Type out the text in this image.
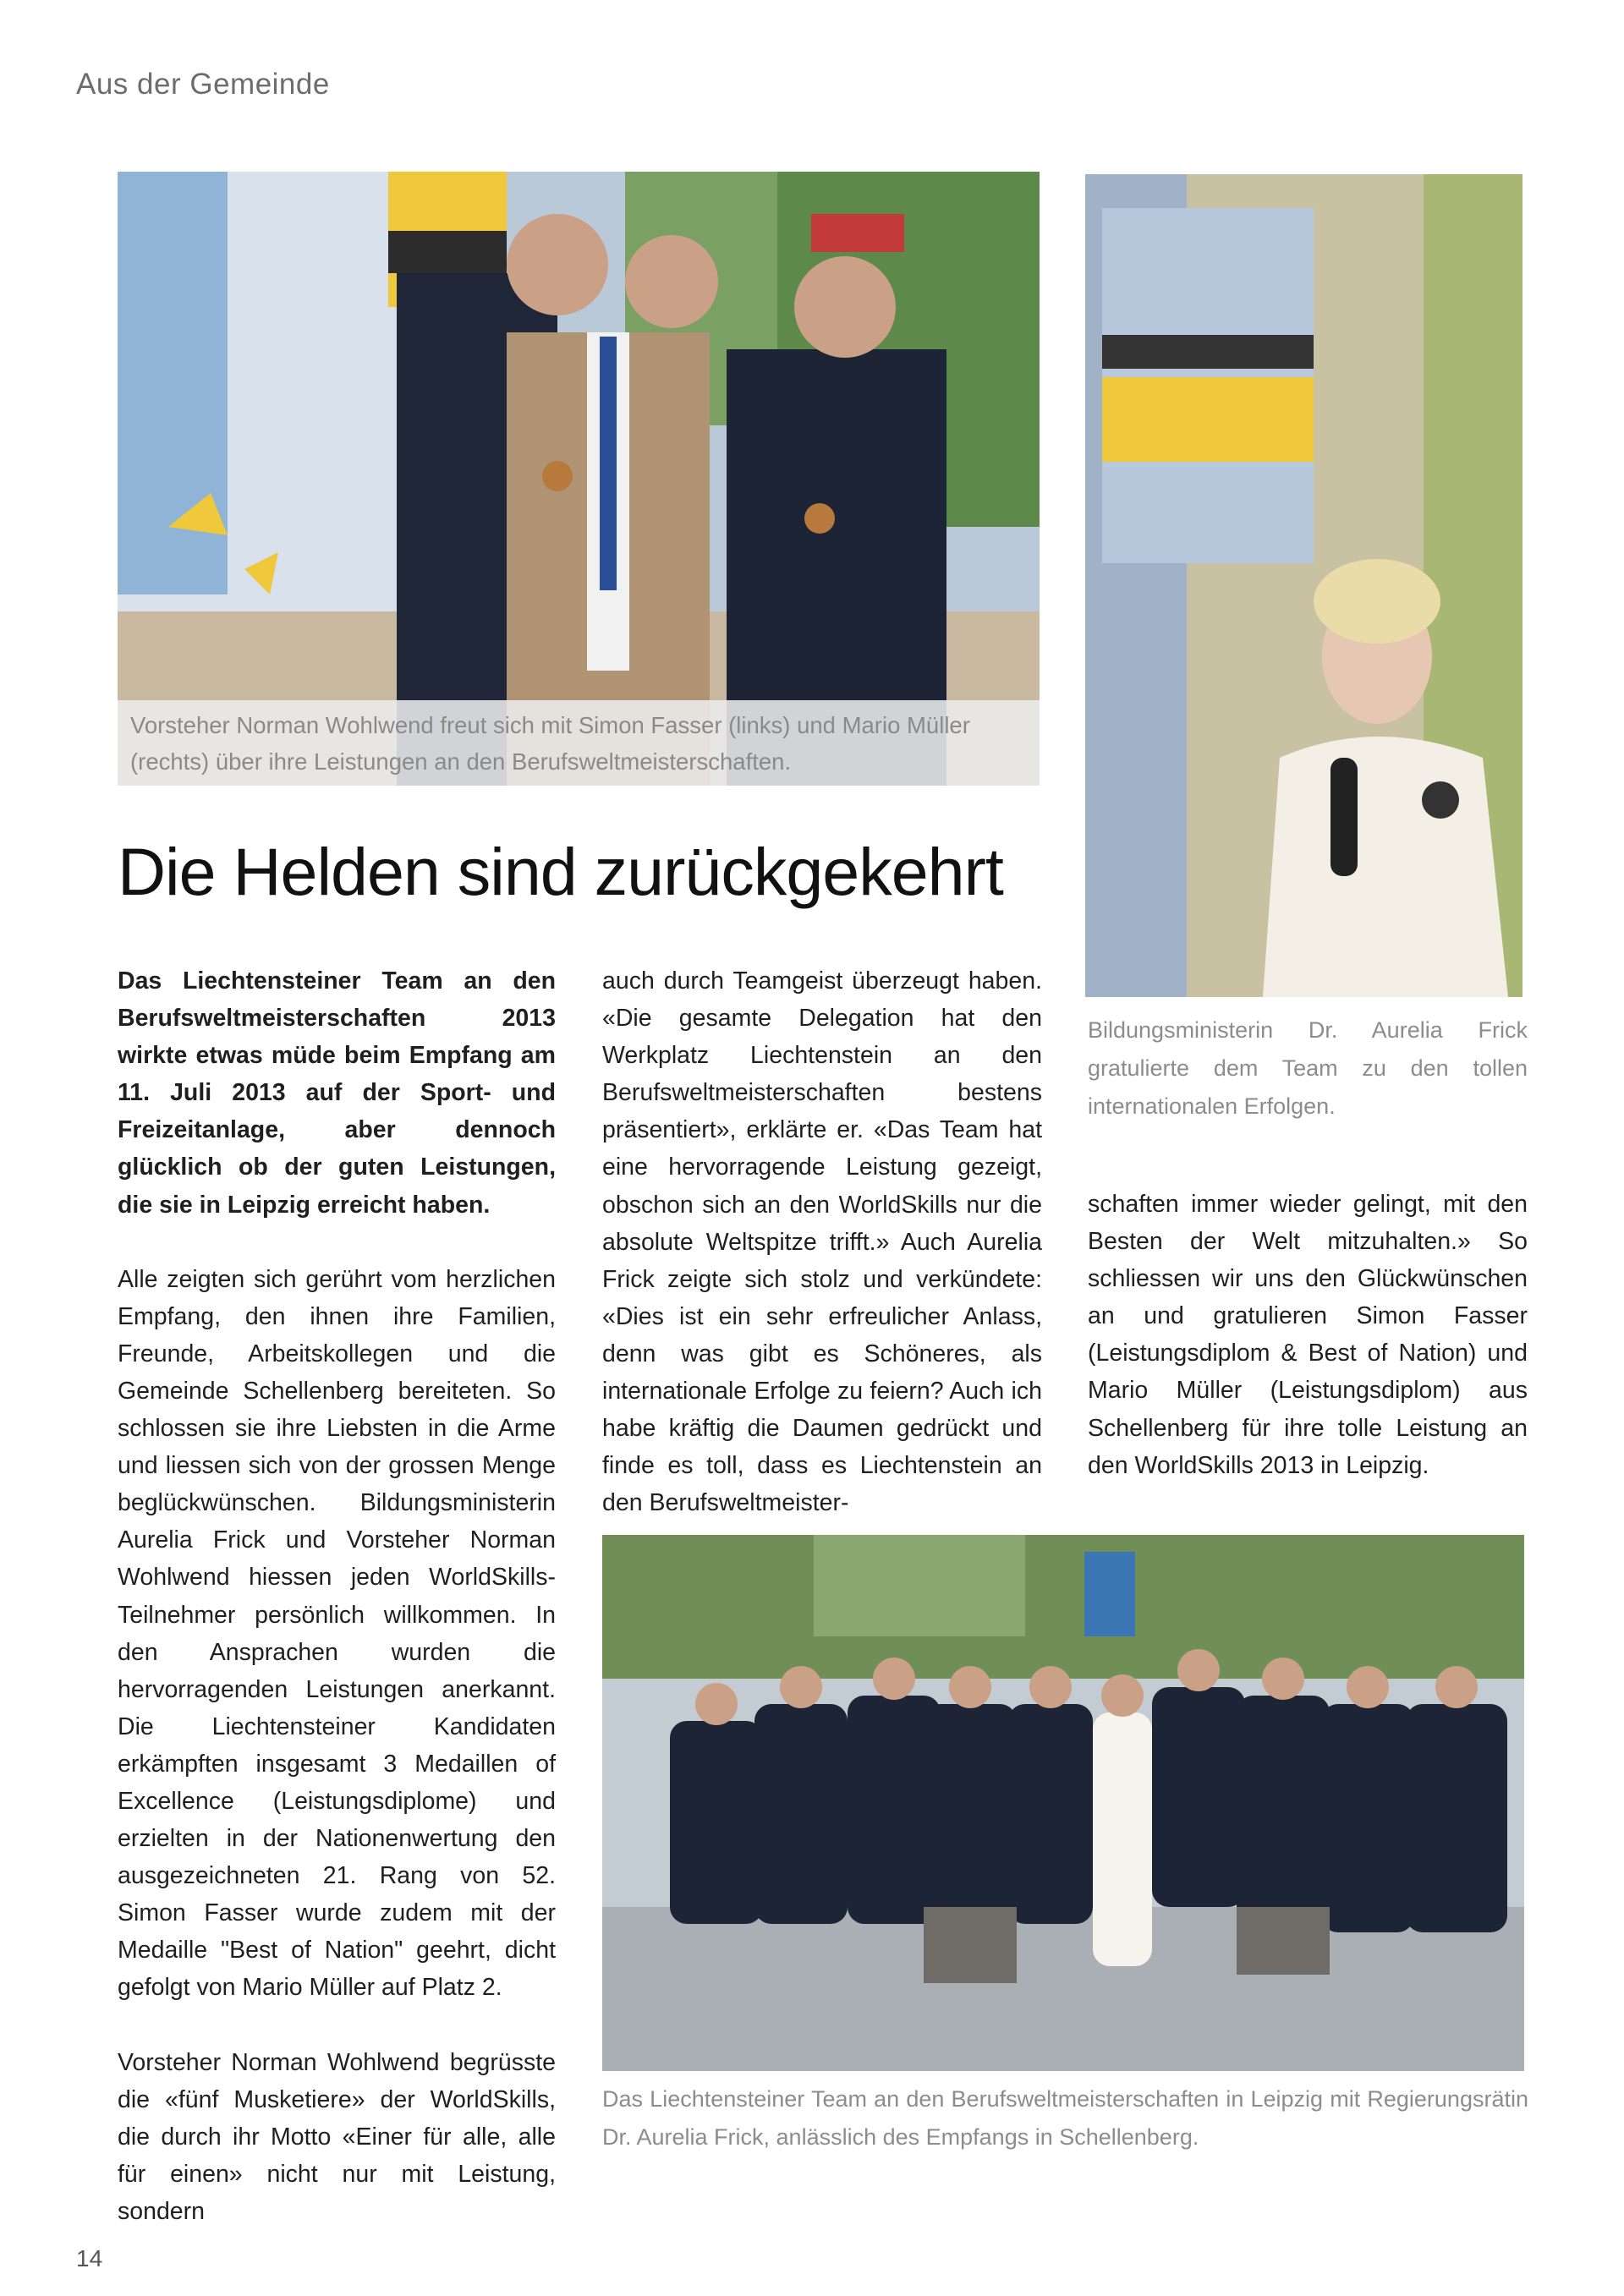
Aus der Gemeinde
Vorsteher Norman Wohlwend freut sich mit Simon Fasser (links) und Mario Müller (rechts) über ihre Leistungen an den Berufsweltmeisterschaften.
Bildungsministerin Dr. Aurelia Frick gratulierte dem Team zu den tollen internationalen Erfolgen.
Die Helden sind zurückgekehrt

Das Liechtensteiner Team an den Berufsweltmeisterschaften 2013 wirkte etwas müde beim Empfang am 11. Juli 2013 auf der Sport- und Freizeitanlage, aber dennoch glücklich ob der guten Leistungen, die sie in Leipzig erreicht haben.

Alle zeigten sich gerührt vom herzlichen Empfang, den ihnen ihre Familien, Freunde, Arbeitskollegen und die Gemeinde Schellenberg bereiteten. So schlossen sie ihre Liebsten in die Arme und liessen sich von der grossen Menge beglückwünschen. Bildungsministerin Aurelia Frick und Vorsteher Norman Wohlwend hiessen jeden WorldSkills-Teilnehmer persönlich willkommen. In den Ansprachen wurden die hervorragenden Leistungen anerkannt. Die Liechtensteiner Kandidaten erkämpften insgesamt 3 Medaillen of Excellence (Leistungsdiplome) und erzielten in der Nationenwertung den ausgezeichneten 21. Rang von 52. Simon Fasser wurde zudem mit der Medaille "Best of Nation" geehrt, dicht gefolgt von Mario Müller auf Platz 2.

Vorsteher Norman Wohlwend begrüsste die «fünf Musketiere» der WorldSkills, die durch ihr Motto «Einer für alle, alle für einen» nicht nur mit Leistung, sondern

auch durch Teamgeist überzeugt haben. «Die gesamte Delegation hat den Werkplatz Liechtenstein an den Berufsweltmeisterschaften bestens präsentiert», erklärte er. «Das Team hat eine hervorragende Leistung gezeigt, obschon sich an den WorldSkills nur die absolute Weltspitze trifft.» Auch Aurelia Frick zeigte sich stolz und verkündete: «Dies ist ein sehr erfreulicher Anlass, denn was gibt es Schöneres, als internationale Erfolge zu feiern? Auch ich habe kräftig die Daumen gedrückt und finde es toll, dass es Liechtenstein an den Berufsweltmeister-

schaften immer wieder gelingt, mit den Besten der Welt mitzuhalten.» So schliessen wir uns den Glückwünschen an und gratulieren Simon Fasser (Leistungsdiplom & Best of Nation) und Mario Müller (Leistungsdiplom) aus Schellenberg für ihre tolle Leistung an den WorldSkills 2013 in Leipzig.

Das Liechtensteiner Team an den Berufsweltmeisterschaften in Leipzig mit Regierungsrätin Dr. Aurelia Frick, anlässlich des Empfangs in Schellenberg.
14
